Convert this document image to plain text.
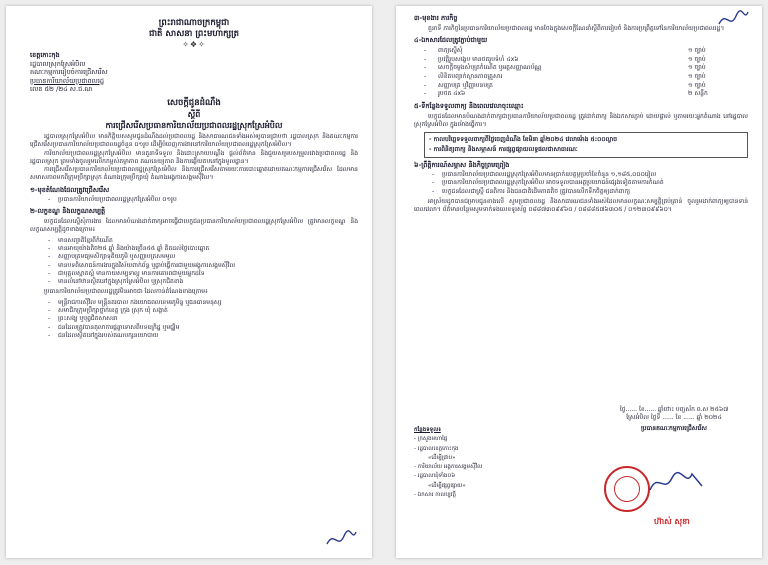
ព្រះរាជាណាចក្រកម្ពុជា
ជាតិ សាសនា ព្រះមហាក្សត្រ
✧❖✧
ខេត្តកោះកុង
រដ្ឋបាលស្រុកស្រែអំបិល
គណៈកម្មការរៀបចំការជ្រើសរើស
ប្រធានការិយាល័យប្រជាពលរដ្ឋ
លេខ ៥២ /២៤ ស.ជ.ណ
សេចក្តីជូនដំណឹង
ស្តីពី
ការជ្រើសរើសប្រធានការិយាល័យប្រជាពលរដ្ឋស្រុកស្រែអំបិល

រដ្ឋបាលស្រុកស្រែអំបិល មានកិត្តិយសសូមជូនដំណឹងដល់ប្រជាពលរដ្ឋ និងសាធារណជនទាំងអស់ឲ្យបានជ្រាបថា រដ្ឋបាលស្រុក និងគណៈកម្មការជ្រើសរើសប្រធានការិយាល័យប្រជាពលរដ្ឋចំនួន ០១រូប ដើម្បីបំពេញការងារនៅការិយាល័យប្រជាពលរដ្ឋស្រុកស្រែអំបិល។

ការិយាល័យប្រជាពលរដ្ឋស្រុកស្រែអំបិល មានតួនាទីទទួល និងដោះស្រាយបណ្តឹង ផ្តល់ព័ត៌មាន និងជួយសម្របសម្រួលរវាងប្រជាពលរដ្ឋ និងរដ្ឋបាលស្រុក ព្រមទាំងចូលរួមលើកកម្ពស់តម្លាភាព គណនេយ្យភាព និងការឆ្លើយតបនៅក្នុងមូលដ្ឋាន។

ការជ្រើសរើសប្រធានការិយាល័យប្រជាពលរដ្ឋស្រុកស្រែអំបិល និងការជ្រើសរើសតាមរយៈការបោះឆ្នោតដោយគណៈកម្មការជ្រើសរើស ដែលមានសមាសភាពមកពីក្រុមប្រឹក្សាស្រុក តំណាងក្រុមប្រឹក្សាឃុំ តំណាងអង្គការសង្គមស៊ីវិល។

១-មុខតំណែងដែលត្រូវជ្រើសរើស
- ប្រធានការិយាល័យប្រជាពលរដ្ឋស្រុកស្រែអំបិល ០១រូប
២-លក្ខខណ្ឌ និងលក្ខណសម្បត្តិ

បេក្ខជនដែលស្នើសុំការងារ ដែលមានបំណងដាក់ពាក្យអាចធ្វើជាបេក្ខជនប្រធានការិយាល័យប្រជាពលរដ្ឋស្រុកស្រែអំបិល ត្រូវមានលក្ខខណ្ឌ និងលក្ខណសម្បត្តិដូចខាងក្រោម៖

- មានសញ្ជាតិខ្មែរពីកំណើត
- មានអាយុយ៉ាងតិច២៥ ឆ្នាំ និងយ៉ាងច្រើន៥៥ ឆ្នាំ គិតដល់ថ្ងៃបោះឆ្នោត
- សញ្ញាបត្រមធ្យមសិក្សាទុតិយភូមិ ឬសញ្ញាបត្រសមមូល
- មានបទពិសោធន៍ការងារក្នុងវិស័យពាក់ព័ន្ធ ឬធ្លាប់ធ្វើការជាមួយអង្គការសង្គមស៊ីវិល
- ជាបុគ្គលស្អាតស្អំ មានកាយសម្បទាល្អ មានការគោរពជាមួយអ្នកដទៃ
- មានលំនៅឋានស្ថិតនៅក្នុងស្រុកស្រែអំបិល ឬស្រុកជិតខាង

ប្រធានការិយាល័យប្រជាពលរដ្ឋត្រូវមិនអាចជា ដែលកាន់តំណែងខាងក្រោម៖

- មន្ត្រីរាជការស៊ីវិល មន្ត្រីនគរបាល កងយោធពលខេមរភូមិន្ទ ឬធនធានមនុស្ស
- សមាជិកក្រុមប្រឹក្សាថ្នាក់ខេត្ត ក្រុង ស្រុក ឃុំ សង្កាត់
- ព្រះសង្ឃ ឬបុព្វជិតសាសនា
- ជនដែលត្រូវបានតុលាការផ្តន្ទាទោសពីបទឧក្រិដ្ឋ ឬមជ្ឈិម
- ជនដែលស្ថិតនៅក្នុងរបស់គណបក្សនយោបាយ
៣-មុខងារ ភារកិច្ច

តួនាទី ភារកិច្ចនៃប្រធានការិយាល័យប្រជាពលរដ្ឋ មានចែងក្នុងសេចក្តីណែនាំស្តីពីការរៀបចំ និងការប្រព្រឹត្តទៅនៃការិយាល័យប្រជាពលរដ្ឋ។

៤-ឯកសារដែលត្រូវភ្ជាប់ជាមួយ
-	ពាក្យស្នើសុំ	១ ច្បាប់
-	ប្រវត្តិរូបសង្ខេប មានថតរូបទំហំ ៤x៦	១ ច្បាប់
-	សេចក្តីចម្លងសំបុត្រកំណើត ឬអត្តសញ្ញាណប័ណ្ណ	១ ច្បាប់
-	លិខិតបញ្ជាក់ស្ថានភាពគ្រួសារ	១ ច្បាប់
-	សញ្ញាបត្រ ឬវិញ្ញាបនបត្រ	១ ច្បាប់
-	រូបថត ៤x៦	២ សន្លឹក
៥-ទីកន្លែងទទួលពាក្យ និងពេលវេលាចុះឈ្មោះ

បេក្ខជនដែលមានបំណងដាក់ពាក្យជាប្រធានការិយាល័យប្រជាពលរដ្ឋ ត្រូវដាក់ពាក្យ និងឯកសារភ្ជាប់ ដោយផ្ទាល់ ឬតាមរយៈអ្នកតំណាង នៅរដ្ឋបាលស្រុកស្រែអំបិល ក្នុងម៉ោងធ្វើការ។

- កាលបរិច្ឆេទទទួលពាក្យពីថ្ងៃចេញដំណឹង ខែមិនា ឆ្នាំ២០២៤ វេលាម៉ោង ៥:០០ល្ងាច
- ការពិនិត្យពាក្យ និងសម្ភាសន៍ ការផ្សព្វផ្សាយលទ្ធផលជាសាធារណៈ
៦-ព្រឹត្តិការណ៍សម្ភាស និងកិច្ចព្រមព្រៀង
- ប្រធានការិយាល័យប្រជាពលរដ្ឋស្រុកស្រែអំបិលមានប្រាក់ឧបត្ថម្ភប្រចាំខែចំនួន ១,១៨៥,០០០រៀល
- ប្រធានការិយាល័យប្រជាពលរដ្ឋស្រុកស្រែអំបិល អាចទទួលបានអត្ថប្រយោជន៍ផ្សេងទៀតតាមការកំណត់
- បេក្ខជនដែលជាស្ត្រី ជនពិការ និងជនជាតិដើមភាគតិច ត្រូវបានលើកទឹកចិត្តឲ្យដាក់ពាក្យ

អាស្រ័យដូចបានជម្រាបជូនខាងលើ សូមប្រជាពលរដ្ឋ និងសាធារណជនទាំងអស់ដែលមានលក្ខណៈសម្បត្តិគ្រប់គ្រាន់ ចូលរួមដាក់ពាក្យឲ្យបានទាន់ពេលវេលា។ ព័ត៌មានបន្ថែមសូមទាក់ទងលេខទូរស័ព្ទ ០៨៨៧៣០៩៩៦០ / ០៨៨៨៥៧៦៣០៥ / ០១២៣០៩៩៦០។

ថ្ងៃ...... ខែ...... ឆ្នាំថោះ បញ្ចស័ក ព.ស ២៥៦៧
ស្រែអំបិល ថ្ងៃទី ...... ខែ ...... ឆ្នាំ ២០២៤
ប្រធានគណៈកម្មការជ្រើសរើស
ហ៊ាស់ សុខា
កន្លែងទទួល៖
- ក្រសួងមហាផ្ទៃ
- រដ្ឋបាលខេត្តកោះកុង
«ដើម្បីជ្រាប»
- ការិយាល័យ អង្គការសង្គមស៊ីវិល
- រដ្ឋបាលឃុំទាំង០៦
«ដើម្បីផ្សព្វផ្សាយ»
- ឯកសារ កាលប្បវត្តិ
